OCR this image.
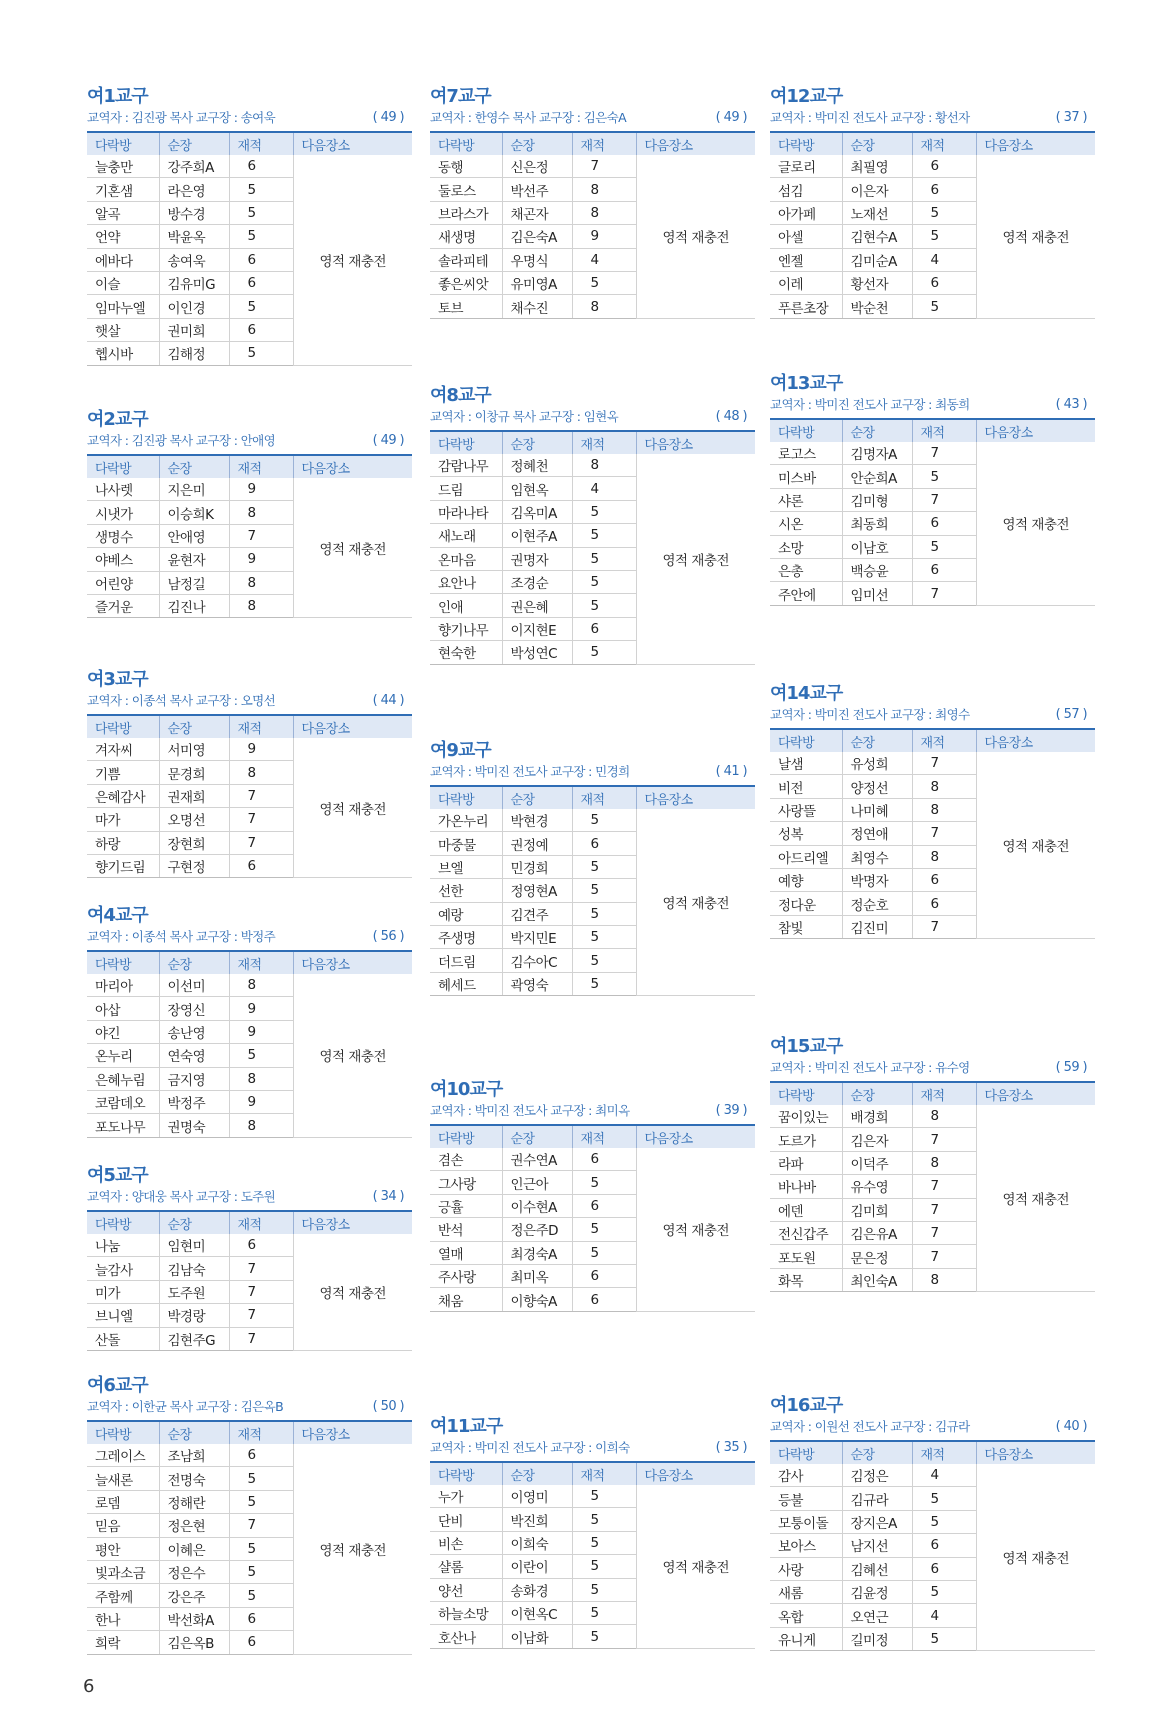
여1교구
교역자 : 김진광 목사 교구장 : 송여욱	( 49 )
다락방	순장	재적	다음장소
늘충만	강주희A	6	영적 재충전
기혼샘	라은영	5	
알곡	방수경	5	
언약	박윤옥	5	
에바다	송여욱	6	
이슬	김유미G	6	
임마누엘	이인경	5	
햇살	권미희	6	
헵시바	김해정	5	
여2교구
교역자 : 김진광 목사 교구장 : 안애영	( 49 )
다락방	순장	재적	다음장소
나사렛	지은미	9	영적 재충전
시냇가	이승희K	8	
생명수	안애영	7	
야베스	윤현자	9	
어린양	남정길	8	
즐거운	김진나	8	
여3교구
교역자 : 이종석 목사 교구장 : 오명선	( 44 )
다락방	순장	재적	다음장소
겨자씨	서미영	9	영적 재충전
기쁨	문경희	8	
은혜감사	권재희	7	
마가	오명선	7	
하랑	장현희	7	
향기드림	구현정	6	
여4교구
교역자 : 이종석 목사 교구장 : 박정주	( 56 )
다락방	순장	재적	다음장소
마리아	이선미	8	영적 재충전
아삽	장영신	9	
야긴	송난영	9	
온누리	연숙영	5	
은혜누림	금지영	8	
코람데오	박정주	9	
포도나무	권명숙	8	
여5교구
교역자 : 양대웅 목사 교구장 : 도주원	( 34 )
다락방	순장	재적	다음장소
나눔	임현미	6	영적 재충전
늘감사	김남숙	7	
미가	도주원	7	
브니엘	박경랑	7	
산돌	김현주G	7	
여6교구
교역자 : 이한균 목사 교구장 : 김은옥B	( 50 )
다락방	순장	재적	다음장소
그레이스	조남희	6	영적 재충전
늘새론	전명숙	5	
로뎀	정해란	5	
믿음	정은현	7	
평안	이혜은	5	
빛과소금	정은수	5	
주함께	강은주	5	
한나	박선화A	6	
희락	김은옥B	6	
여7교구
교역자 : 한영수 목사 교구장 : 김은숙A	( 49 )
다락방	순장	재적	다음장소
동행	신은정	7	영적 재충전
둘로스	박선주	8	
브라스가	채곤자	8	
새생명	김은숙A	9	
솔라피테	우명식	4	
좋은씨앗	유미영A	5	
토브	채수진	8	
여8교구
교역자 : 이창규 목사 교구장 : 임현옥	( 48 )
다락방	순장	재적	다음장소
감람나무	정혜천	8	영적 재충전
드림	임현옥	4	
마라나타	김옥미A	5	
새노래	이현주A	5	
온마음	권명자	5	
요안나	조경순	5	
인애	권은혜	5	
향기나무	이지현E	6	
현숙한	박성연C	5	
여9교구
교역자 : 박미진 전도사 교구장 : 민경희	( 41 )
다락방	순장	재적	다음장소
가온누리	박현경	5	영적 재충전
마중물	권정예	6	
브엘	민경희	5	
선한	정영현A	5	
예랑	김견주	5	
주생명	박지민E	5	
더드림	김수아C	5	
헤세드	곽영숙	5	
여10교구
교역자 : 박미진 전도사 교구장 : 최미옥	( 39 )
다락방	순장	재적	다음장소
겸손	권수연A	6	영적 재충전
그사랑	인근아	5	
긍휼	이수현A	6	
반석	정은주D	5	
열매	최경숙A	5	
주사랑	최미옥	6	
채움	이향숙A	6	
여11교구
교역자 : 박미진 전도사 교구장 : 이희숙	( 35 )
다락방	순장	재적	다음장소
누가	이영미	5	영적 재충전
단비	박진희	5	
비손	이희숙	5	
샬롬	이란이	5	
양선	송화경	5	
하늘소망	이현옥C	5	
호산나	이남화	5	
여12교구
교역자 : 박미진 전도사 교구장 : 황선자	( 37 )
다락방	순장	재적	다음장소
글로리	최필영	6	영적 재충전
섬김	이은자	6	
아가페	노재선	5	
아셀	김현수A	5	
엔젤	김미순A	4	
이레	황선자	6	
푸른초장	박순천	5	
여13교구
교역자 : 박미진 전도사 교구장 : 최동희	( 43 )
다락방	순장	재적	다음장소
로고스	김명자A	7	영적 재충전
미스바	안순희A	5	
샤론	김미형	7	
시온	최동희	6	
소망	이남호	5	
은총	백승윤	6	
주안에	임미선	7	
여14교구
교역자 : 박미진 전도사 교구장 : 최영수	( 57 )
다락방	순장	재적	다음장소
날샘	유성희	7	영적 재충전
비전	양정선	8	
사랑뜰	나미혜	8	
성복	정연애	7	
아드리엘	최영수	8	
예향	박명자	6	
정다운	정순호	6	
참빛	김진미	7	
여15교구
교역자 : 박미진 전도사 교구장 : 유수영	( 59 )
다락방	순장	재적	다음장소
꿈이있는	배경희	8	영적 재충전
도르가	김은자	7	
라파	이덕주	8	
바나바	유수영	7	
에덴	김미희	7	
전신갑주	김은유A	7	
포도원	문은정	7	
화목	최인숙A	8	
여16교구
교역자 : 이원선 전도사 교구장 : 김규라	( 40 )
다락방	순장	재적	다음장소
감사	김정은	4	영적 재충전
등불	김규라	5	
모퉁이돌	장지은A	5	
보아스	남지선	6	
사랑	김혜선	6	
새롬	김윤정	5	
옥합	오연근	4	
유니게	길미정	5	
6
